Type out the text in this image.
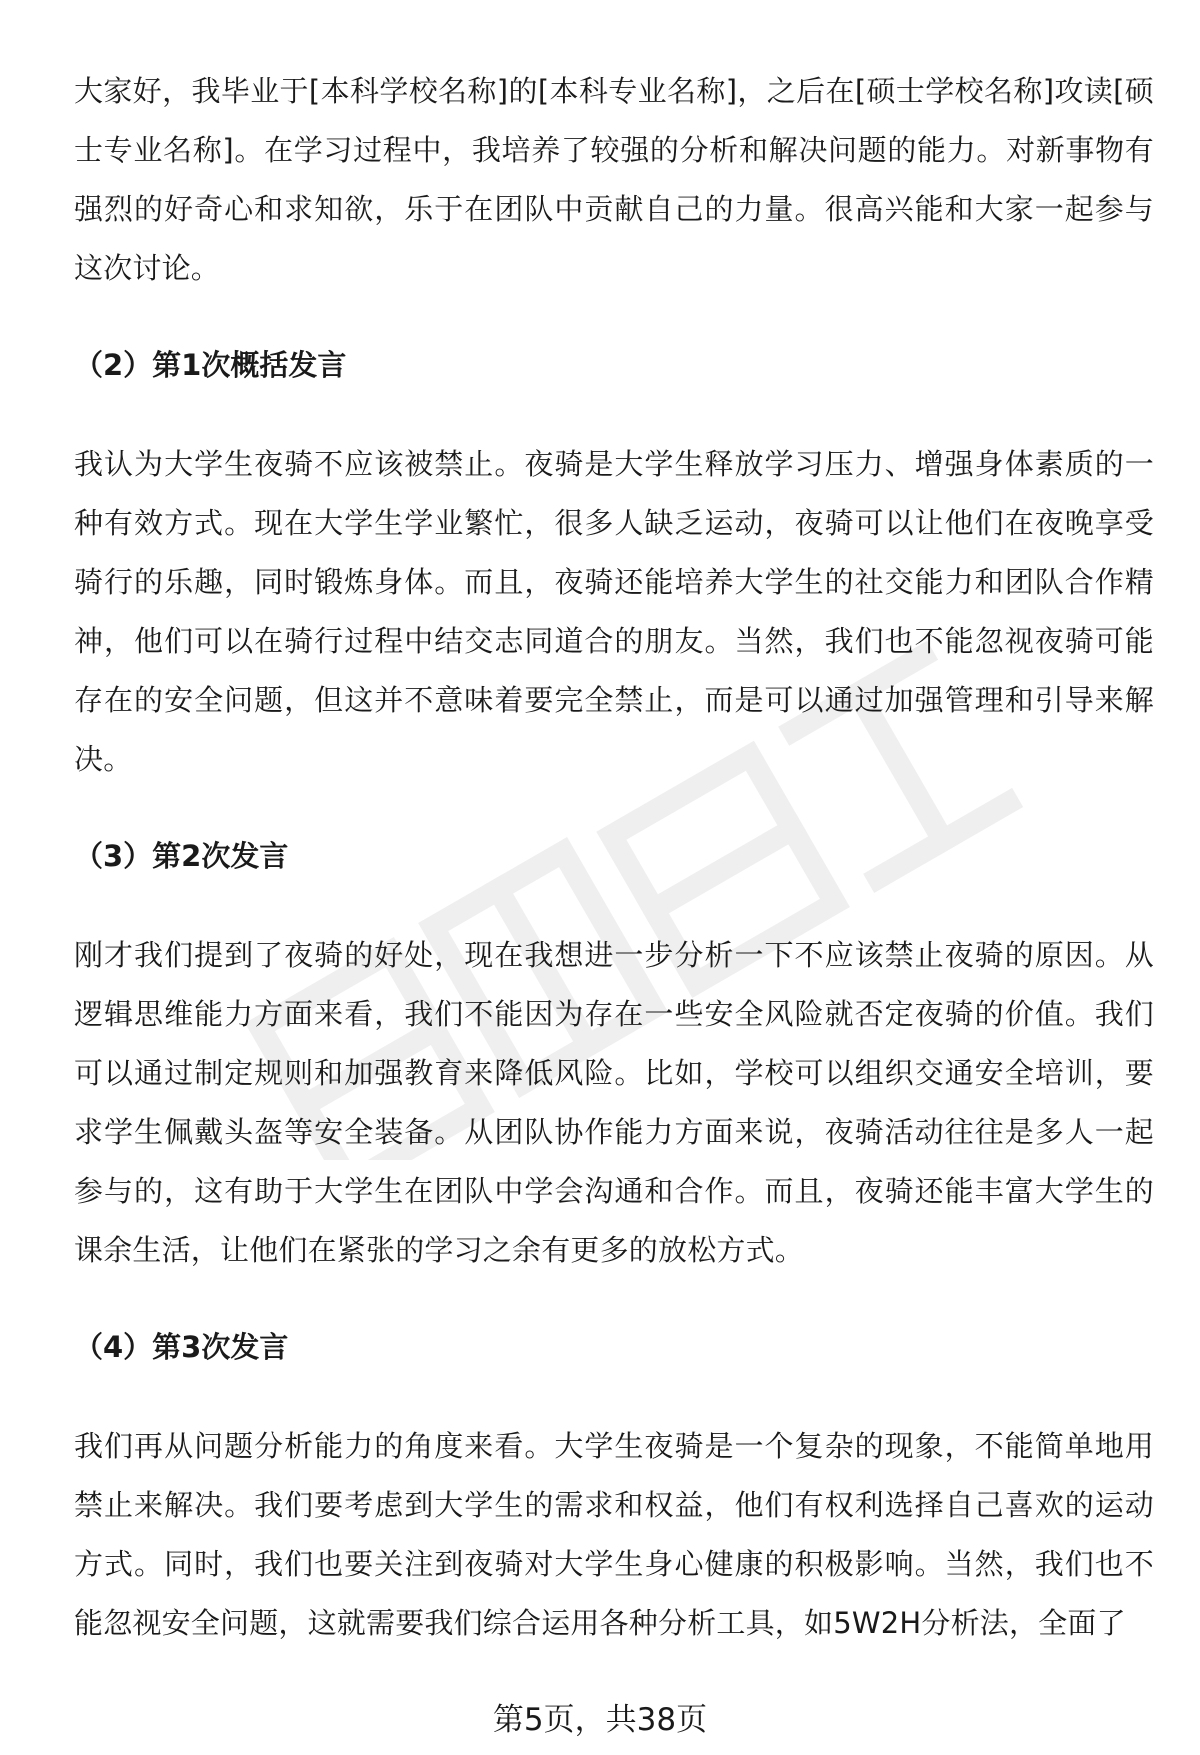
大家好，我毕业于[本科学校名称]的[本科专业名称]，之后在[硕士学校名称]攻读[硕士专业名称]。在学习过程中，我培养了较强的分析和解决问题的能力。对新事物有强烈的好奇心和求知欲，乐于在团队中贡献自己的力量。很高兴能和大家一起参与这次讨论。

（2）第1次概括发言

我认为大学生夜骑不应该被禁止。夜骑是大学生释放学习压力、增强身体素质的一种有效方式。现在大学生学业繁忙，很多人缺乏运动，夜骑可以让他们在夜晚享受骑行的乐趣，同时锻炼身体。而且，夜骑还能培养大学生的社交能力和团队合作精神，他们可以在骑行过程中结交志同道合的朋友。当然，我们也不能忽视夜骑可能存在的安全问题，但这并不意味着要完全禁止，而是可以通过加强管理和引导来解决。

（3）第2次发言

刚才我们提到了夜骑的好处，现在我想进一步分析一下不应该禁止夜骑的原因。从逻辑思维能力方面来看，我们不能因为存在一些安全风险就否定夜骑的价值。我们可以通过制定规则和加强教育来降低风险。比如，学校可以组织交通安全培训，要求学生佩戴头盔等安全装备。从团队协作能力方面来说，夜骑活动往往是多人一起参与的，这有助于大学生在团队中学会沟通和合作。而且，夜骑还能丰富大学生的课余生活，让他们在紧张的学习之余有更多的放松方式。

（4）第3次发言

我们再从问题分析能力的角度来看。大学生夜骑是一个复杂的现象，不能简单地用禁止来解决。我们要考虑到大学生的需求和权益，他们有权利选择自己喜欢的运动方式。同时，我们也要关注到夜骑对大学生身心健康的积极影响。当然，我们也不能忽视安全问题，这就需要我们综合运用各种分析工具，如5W2H分析法，全面了

第5页，共38页
